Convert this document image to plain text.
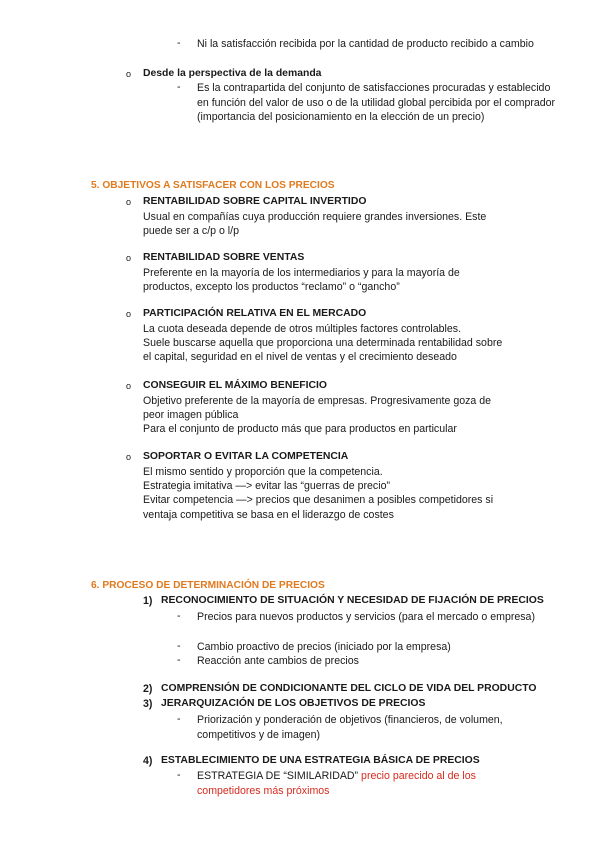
- Ni la satisfacción recibida por la cantidad de producto recibido a cambio
o Desde la perspectiva de la demanda
- Es la contrapartida del conjunto de satisfacciones procuradas y establecido en función del valor de uso o de la utilidad global percibida por el comprador (importancia del posicionamiento en la elección de un precio)
5. OBJETIVOS A SATISFACER CON LOS PRECIOS
o RENTABILIDAD SOBRE CAPITAL INVERTIDO
Usual en compañías cuya producción requiere grandes inversiones. Este
puede ser a c/p o l/p
o RENTABILIDAD SOBRE VENTAS
Preferente en la mayoría de los intermediarios y para la mayoría de
productos, excepto los productos “reclamo” o “gancho”
o PARTICIPACIÓN RELATIVA EN EL MERCADO
La cuota deseada depende de otros múltiples factores controlables.
Suele buscarse aquella que proporciona una determinada rentabilidad sobre
el capital, seguridad en el nivel de ventas y el crecimiento deseado
o CONSEGUIR EL MÁXIMO BENEFICIO
Objetivo preferente de la mayoría de empresas. Progresivamente goza de
peor imagen pública
Para el conjunto de producto más que para productos en particular
o SOPORTAR O EVITAR LA COMPETENCIA
El mismo sentido y proporción que la competencia.
Estrategia imitativa —> evitar las “guerras de precio”
Evitar competencia —> precios que desanimen a posibles competidores si
ventaja competitiva se basa en el liderazgo de costes
6. PROCESO DE DETERMINACIÓN DE PRECIOS
1) RECONOCIMIENTO DE SITUACIÓN Y NECESIDAD DE FIJACIÓN DE PRECIOS
- Precios para nuevos productos y servicios (para el mercado o empresa)
- Cambio proactivo de precios (iniciado por la empresa)
- Reacción ante cambios de precios
2) COMPRENSIÓN DE CONDICIONANTE DEL CICLO DE VIDA DEL PRODUCTO
3) JERARQUIZACIÓN DE LOS OBJETIVOS DE PRECIOS
- Priorización y ponderación de objetivos (financieros, de volumen, competitivos y de imagen)
4) ESTABLECIMIENTO DE UNA ESTRATEGIA BÁSICA DE PRECIOS
- ESTRATEGIA DE “SIMILARIDAD” precio parecido al de los competidores más próximos
